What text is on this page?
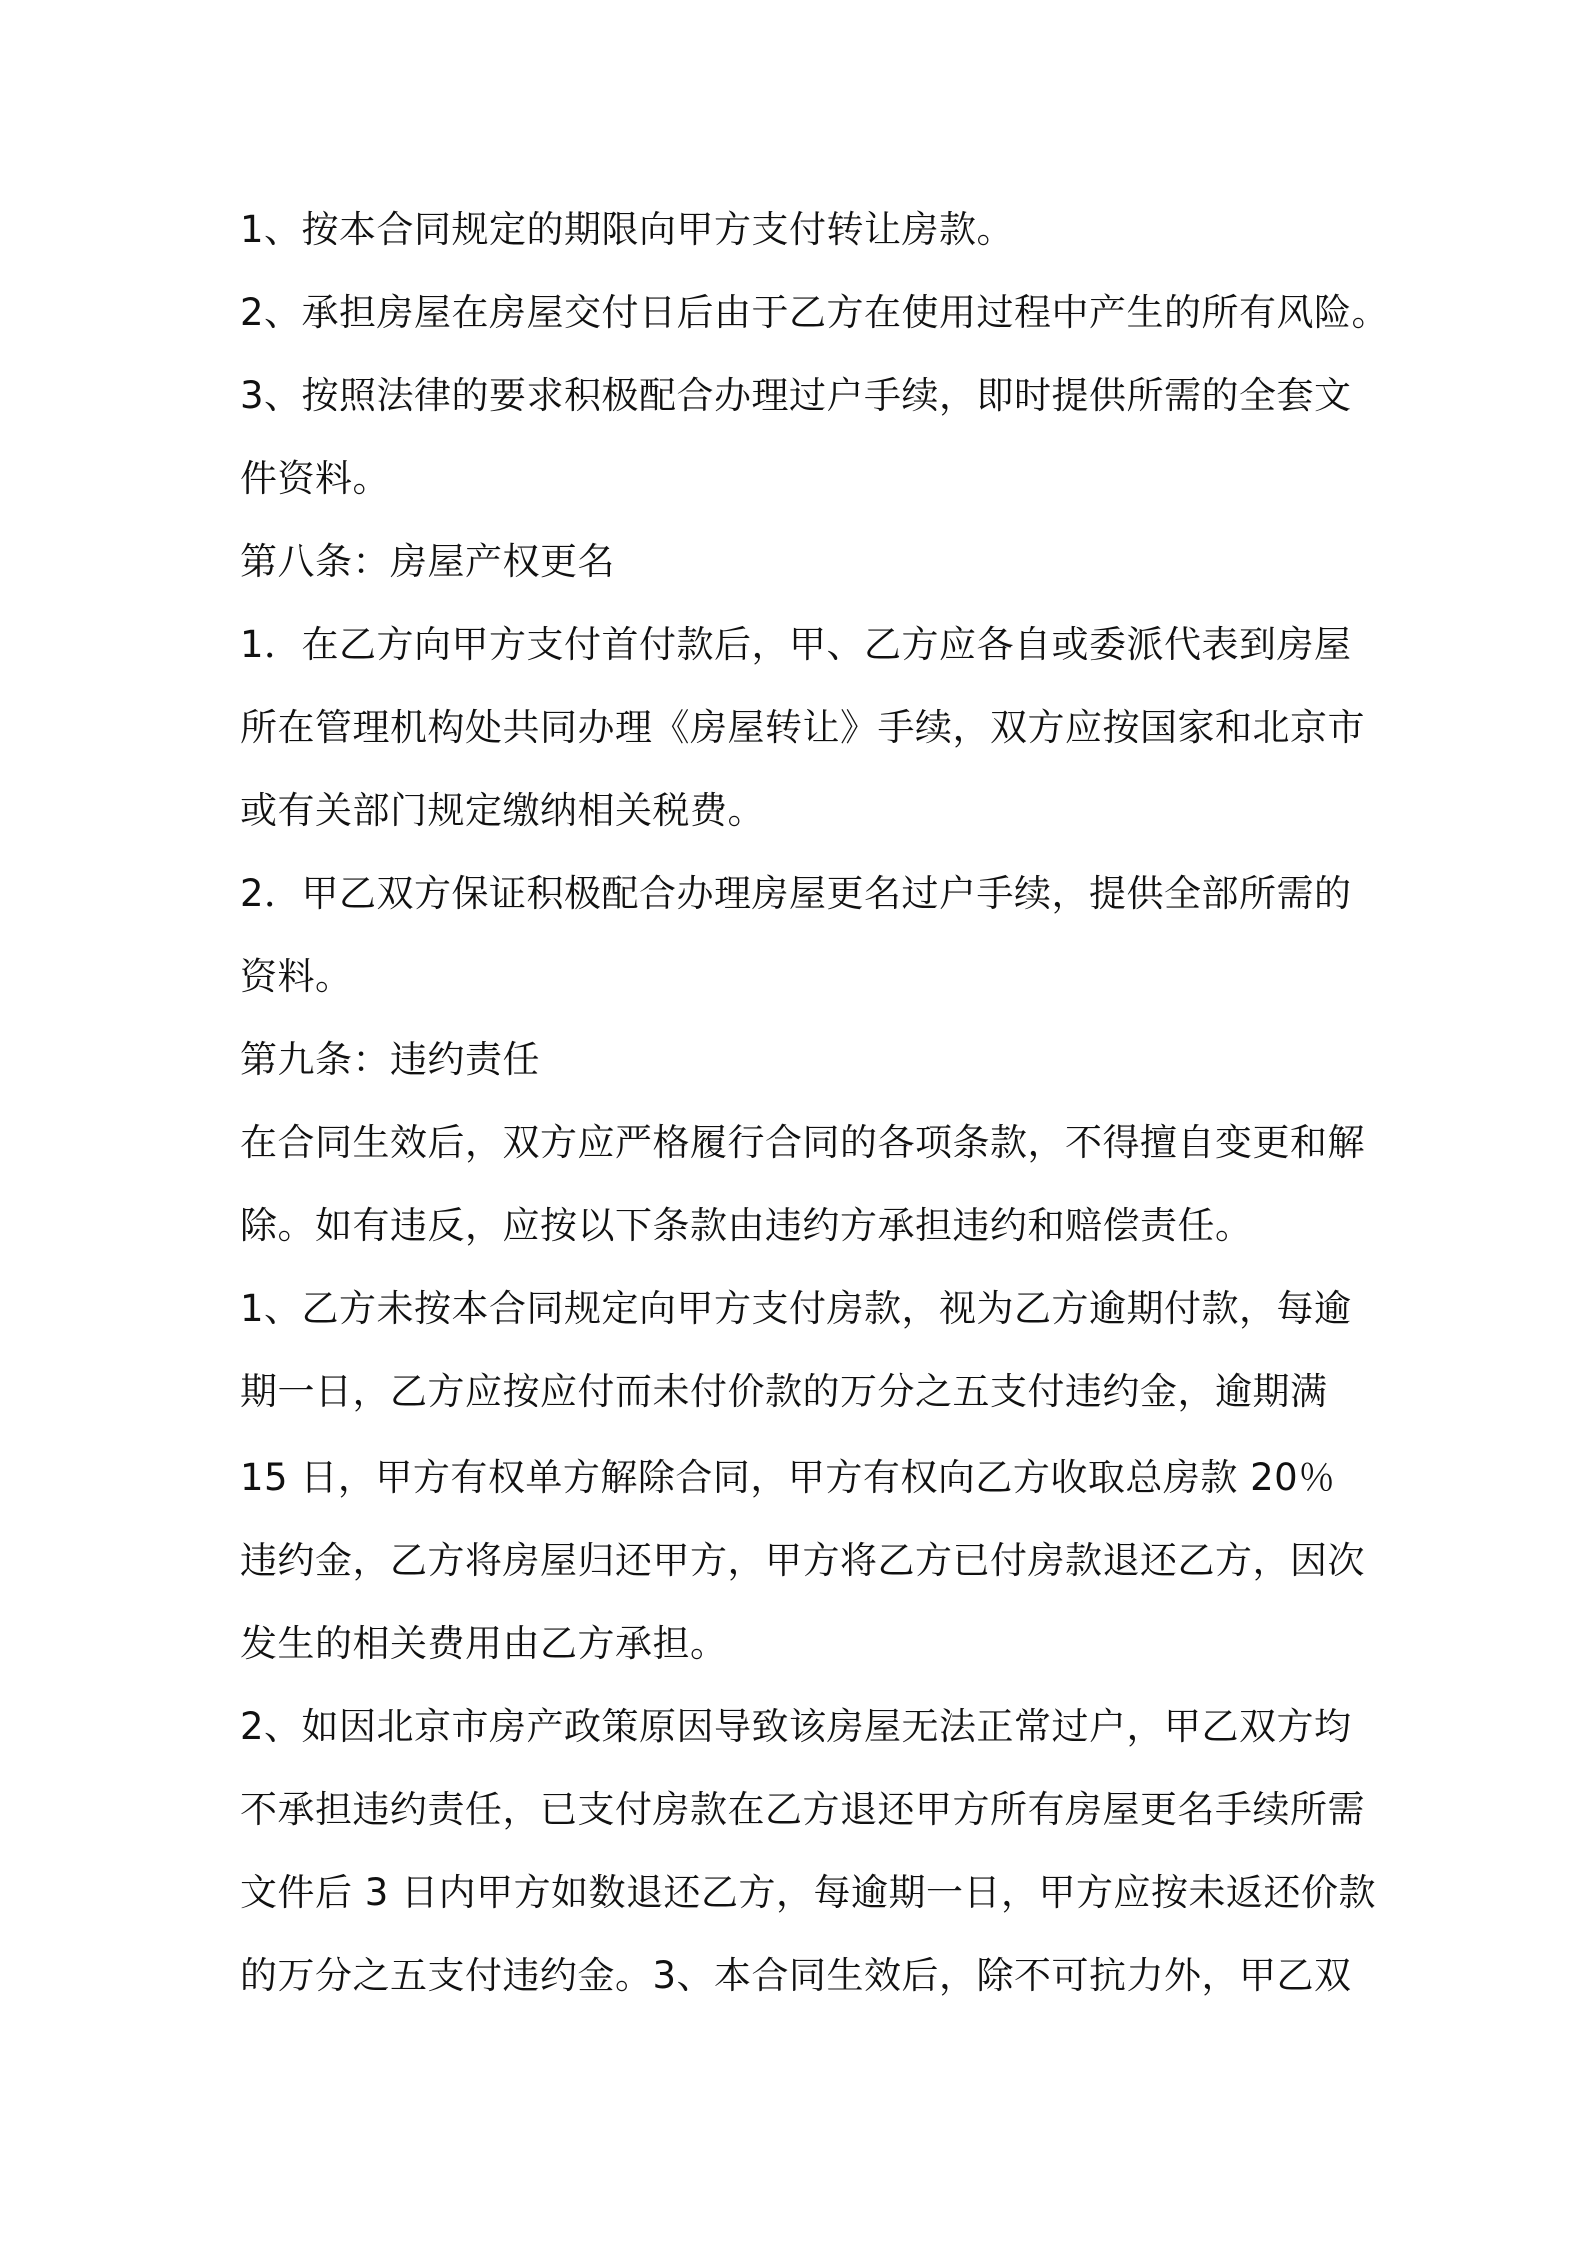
1、按本合同规定的期限向甲方支付转让房款。
2、承担房屋在房屋交付日后由于乙方在使用过程中产生的所有风险。
3、按照法律的要求积极配合办理过户手续，即时提供所需的全套文
件资料。
第八条：房屋产权更名
1．在乙方向甲方支付首付款后，甲、乙方应各自或委派代表到房屋
所在管理机构处共同办理《房屋转让》手续，双方应按国家和北京市
或有关部门规定缴纳相关税费。
2．甲乙双方保证积极配合办理房屋更名过户手续，提供全部所需的
资料。
第九条：违约责任
在合同生效后，双方应严格履行合同的各项条款，不得擅自变更和解
除。如有违反，应按以下条款由违约方承担违约和赔偿责任。
1、乙方未按本合同规定向甲方支付房款，视为乙方逾期付款，每逾
期一日，乙方应按应付而未付价款的万分之五支付违约金，逾期满
15 日，甲方有权单方解除合同，甲方有权向乙方收取总房款 20％
违约金，乙方将房屋归还甲方，甲方将乙方已付房款退还乙方，因次
发生的相关费用由乙方承担。
2、如因北京市房产政策原因导致该房屋无法正常过户，甲乙双方均
不承担违约责任，已支付房款在乙方退还甲方所有房屋更名手续所需
文件后 3 日内甲方如数退还乙方，每逾期一日，甲方应按未返还价款
的万分之五支付违约金。3、本合同生效后，除不可抗力外，甲乙双
